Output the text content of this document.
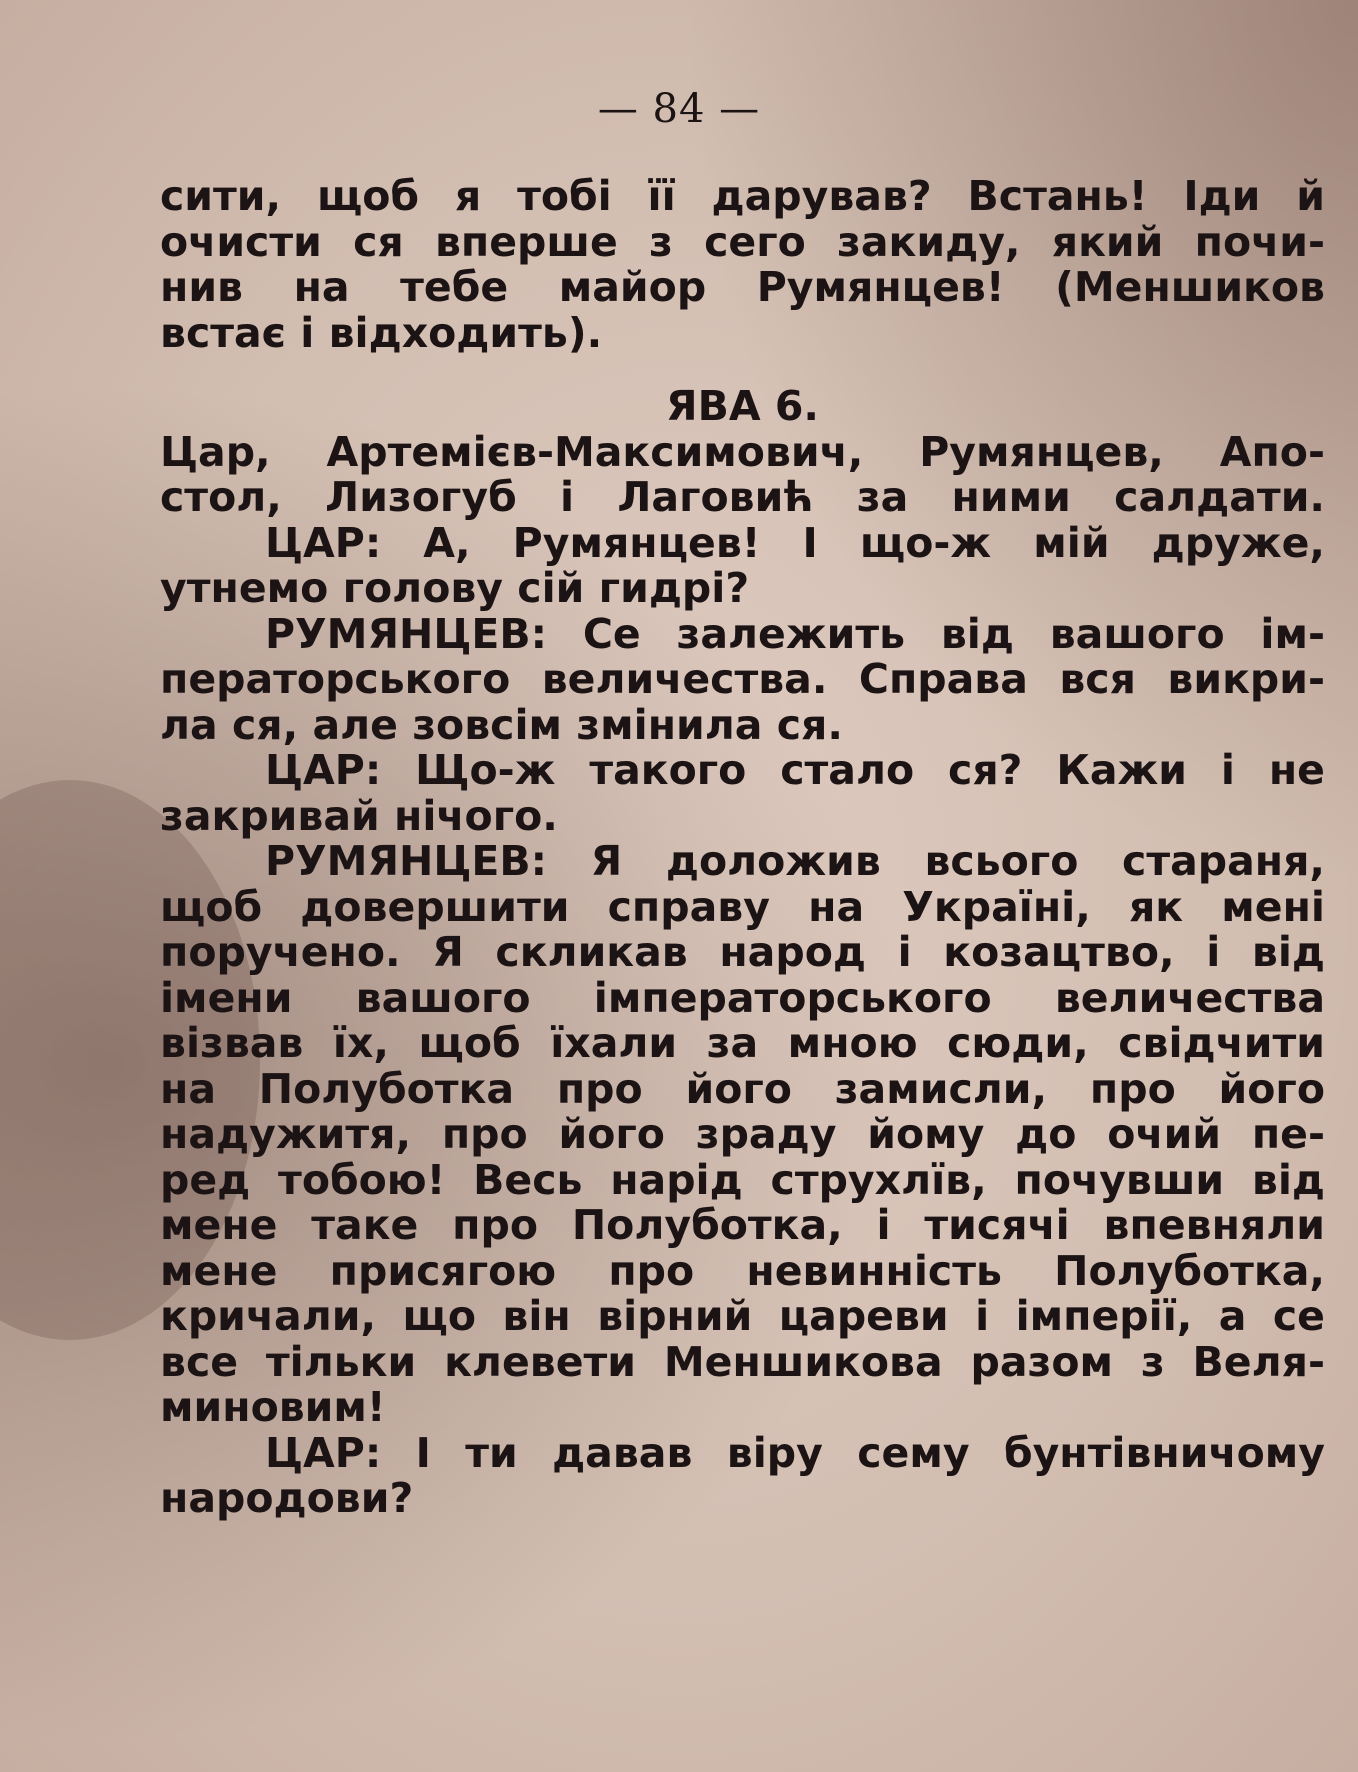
— 84 —
сити, щоб я тобі її дарував? Встань! Іди й
очисти ся вперше з сего закиду, який почи-
нив на тебе майор Румянцев! (Меншиков
встає і відходить).
ЯВА 6.
Цар, Артемієв-Максимович, Румянцев, Апо-
стол, Лизогуб і Лаговић за ними салдати.
ЦАР: А, Румянцев! І що-ж мій друже,
утнемо голову сій гидрі?
РУМЯНЦЕВ: Се залежить від вашого ім-
ператорського величества. Справа вся викри-
ла ся, але зовсім змінила ся.
ЦАР: Що-ж такого стало ся? Кажи і не
закривай нічого.
РУМЯНЦЕВ: Я доложив всього стараня,
щоб довершити справу на Україні, як мені
поручено. Я скликав народ і козацтво, і від
імени вашого імператорського величества
візвав їх, щоб їхали за мною сюди, свідчити
на Полуботка про його замисли, про його
надужитя, про його зраду йому до очий пе-
ред тобою! Весь нарід струхлїв, почувши від
мене таке про Полуботка, і тисячі впевняли
мене присягою про невинність Полуботка,
кричали, що він вірний цареви і імперії, а се
все тільки клевети Меншикова разом з Веля-
миновим!
ЦАР: І ти давав віру сему бунтівничому
народови?
